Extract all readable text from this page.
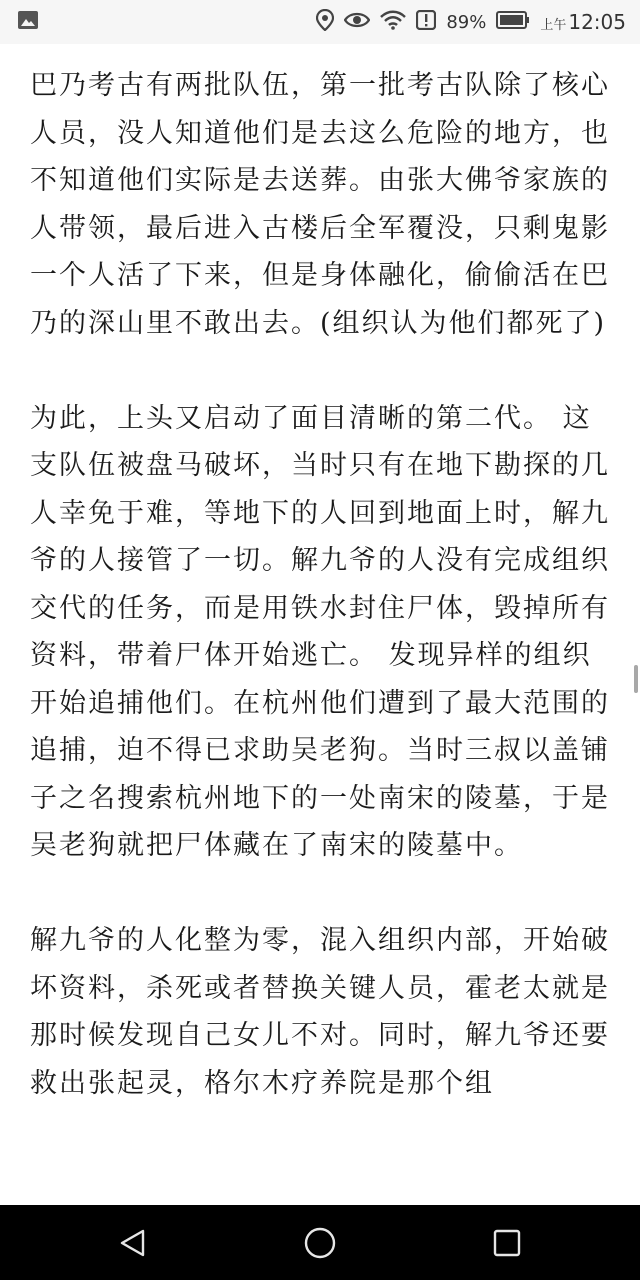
89%	上午 12:05

巴乃考古有两批队伍，第一批考古队除了核心人员，没人知道他们是去这么危险的地方，也不知道他们实际是去送葬。由张大佛爷家族的人带领，最后进入古楼后全军覆没，只剩鬼影一个人活了下来，但是身体融化，偷偷活在巴乃的深山里不敢出去。(组织认为他们都死了)

为此，上头又启动了面目清晰的第二代。 这支队伍被盘马破坏，当时只有在地下勘探的几人幸免于难，等地下的人回到地面上时，解九爷的人接管了一切。解九爷的人没有完成组织交代的任务，而是用铁水封住尸体，毁掉所有资料，带着尸体开始逃亡。 发现异样的组织开始追捕他们。在杭州他们遭到了最大范围的追捕，迫不得已求助吴老狗。当时三叔以盖铺子之名搜索杭州地下的一处南宋的陵墓，于是吴老狗就把尸体藏在了南宋的陵墓中。

解九爷的人化整为零，混入组织内部，开始破坏资料，杀死或者替换关键人员，霍老太就是那时候发现自己女儿不对。同时，解九爷还要救出张起灵，格尔木疗养院是那个组
